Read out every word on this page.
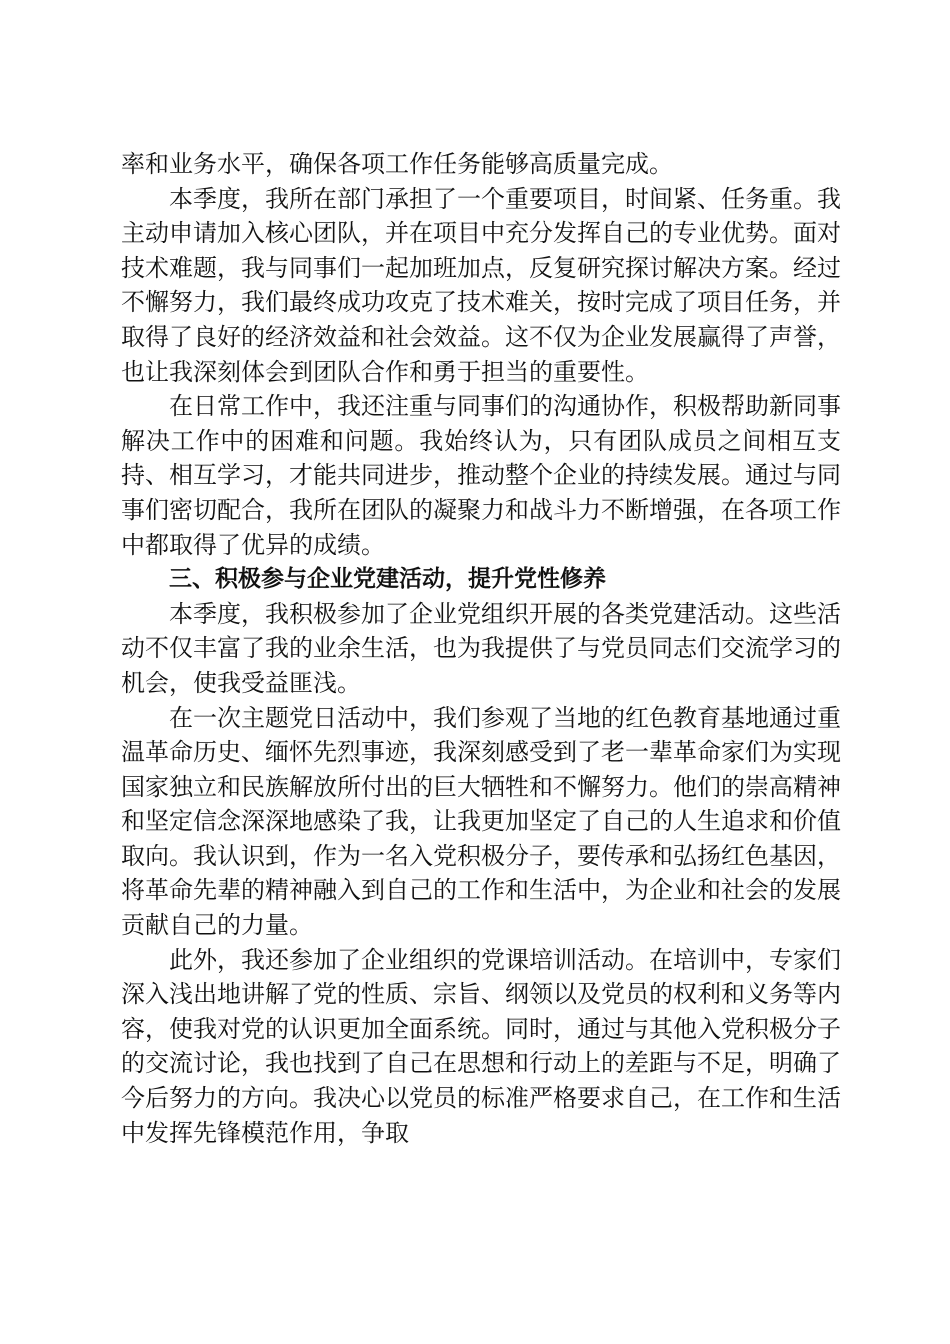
率和业务水平，确保各项工作任务能够高质量完成。

本季度，我所在部门承担了一个重要项目，时间紧、任务重。我主动申请加入核心团队，并在项目中充分发挥自己的专业优势。面对技术难题，我与同事们一起加班加点，反复研究探讨解决方案。经过不懈努力，我们最终成功攻克了技术难关，按时完成了项目任务，并取得了良好的经济效益和社会效益。这不仅为企业发展赢得了声誉，也让我深刻体会到团队合作和勇于担当的重要性。

在日常工作中，我还注重与同事们的沟通协作，积极帮助新同事解决工作中的困难和问题。我始终认为，只有团队成员之间相互支持、相互学习，才能共同进步，推动整个企业的持续发展。通过与同事们密切配合，我所在团队的凝聚力和战斗力不断增强，在各项工作中都取得了优异的成绩。

三、积极参与企业党建活动，提升党性修养

本季度，我积极参加了企业党组织开展的各类党建活动。这些活动不仅丰富了我的业余生活，也为我提供了与党员同志们交流学习的机会，使我受益匪浅。

在一次主题党日活动中，我们参观了当地的红色教育基地通过重温革命历史、缅怀先烈事迹，我深刻感受到了老一辈革命家们为实现国家独立和民族解放所付出的巨大牺牲和不懈努力。他们的崇高精神和坚定信念深深地感染了我，让我更加坚定了自己的人生追求和价值取向。我认识到，作为一名入党积极分子，要传承和弘扬红色基因，将革命先辈的精神融入到自己的工作和生活中，为企业和社会的发展贡献自己的力量。

此外，我还参加了企业组织的党课培训活动。在培训中，专家们深入浅出地讲解了党的性质、宗旨、纲领以及党员的权利和义务等内容，使我对党的认识更加全面系统。同时，通过与其他入党积极分子的交流讨论，我也找到了自己在思想和行动上的差距与不足，明确了今后努力的方向。我决心以党员的标准严格要求自己，在工作和生活中发挥先锋模范作用，争取
